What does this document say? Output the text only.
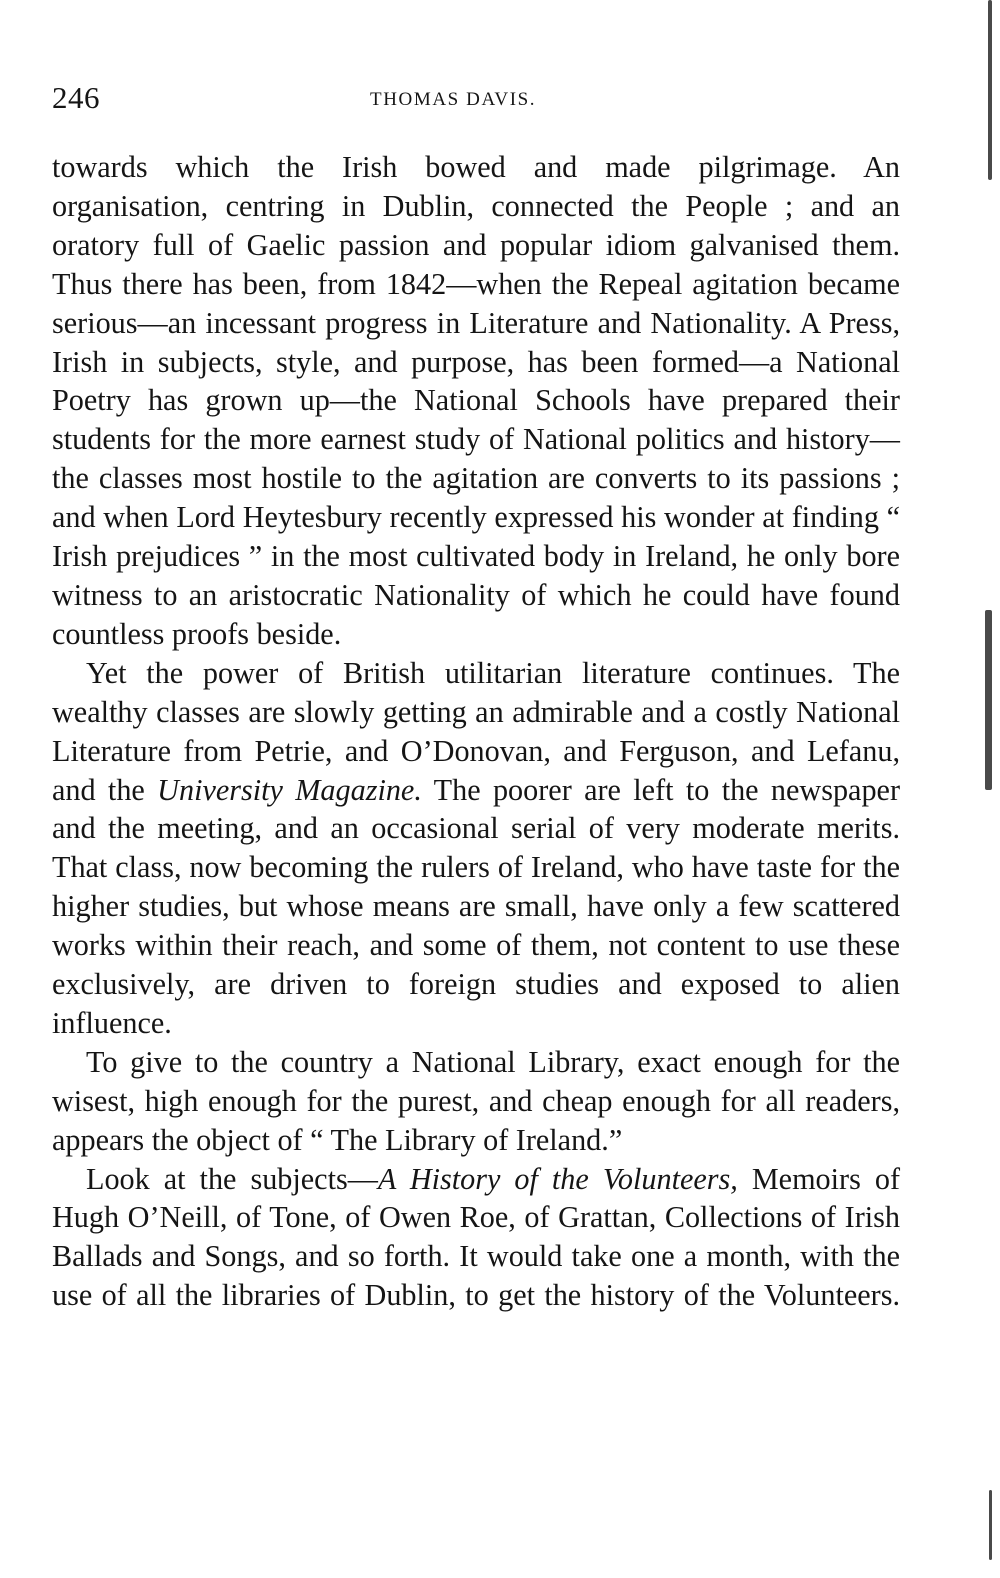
246	THOMAS DAVIS.

towards which the Irish bowed and made pilgrimage. An organisation, centring in Dublin, connected the People ; and an oratory full of Gaelic passion and popular idiom galvanised them. Thus there has been, from 1842—when the Repeal agitation became serious—an incessant progress in Literature and Nationality. A Press, Irish in subjects, style, and purpose, has been formed—a National Poetry has grown up—the National Schools have prepared their students for the more earnest study of National politics and history—the classes most hostile to the agitation are converts to its passions ; and when Lord Heytesbury recently expressed his wonder at finding “ Irish prejudices ” in the most cultivated body in Ireland, he only bore witness to an aristocratic Nationality of which he could have found countless proofs beside.

Yet the power of British utilitarian literature continues. The wealthy classes are slowly getting an admirable and a costly National Literature from Petrie, and O’Donovan, and Ferguson, and Lefanu, and the University Magazine. The poorer are left to the newspaper and the meeting, and an occasional serial of very moderate merits. That class, now becoming the rulers of Ireland, who have taste for the higher studies, but whose means are small, have only a few scattered works within their reach, and some of them, not content to use these exclusively, are driven to foreign studies and exposed to alien influence.

To give to the country a National Library, exact enough for the wisest, high enough for the purest, and cheap enough for all readers, appears the object of “ The Library of Ireland.”

Look at the subjects—A History of the Volunteers, Memoirs of Hugh O’Neill, of Tone, of Owen Roe, of Grattan, Collections of Irish Ballads and Songs, and so forth. It would take one a month, with the use of all the libraries of Dublin, to get the history of the Volunteers.
